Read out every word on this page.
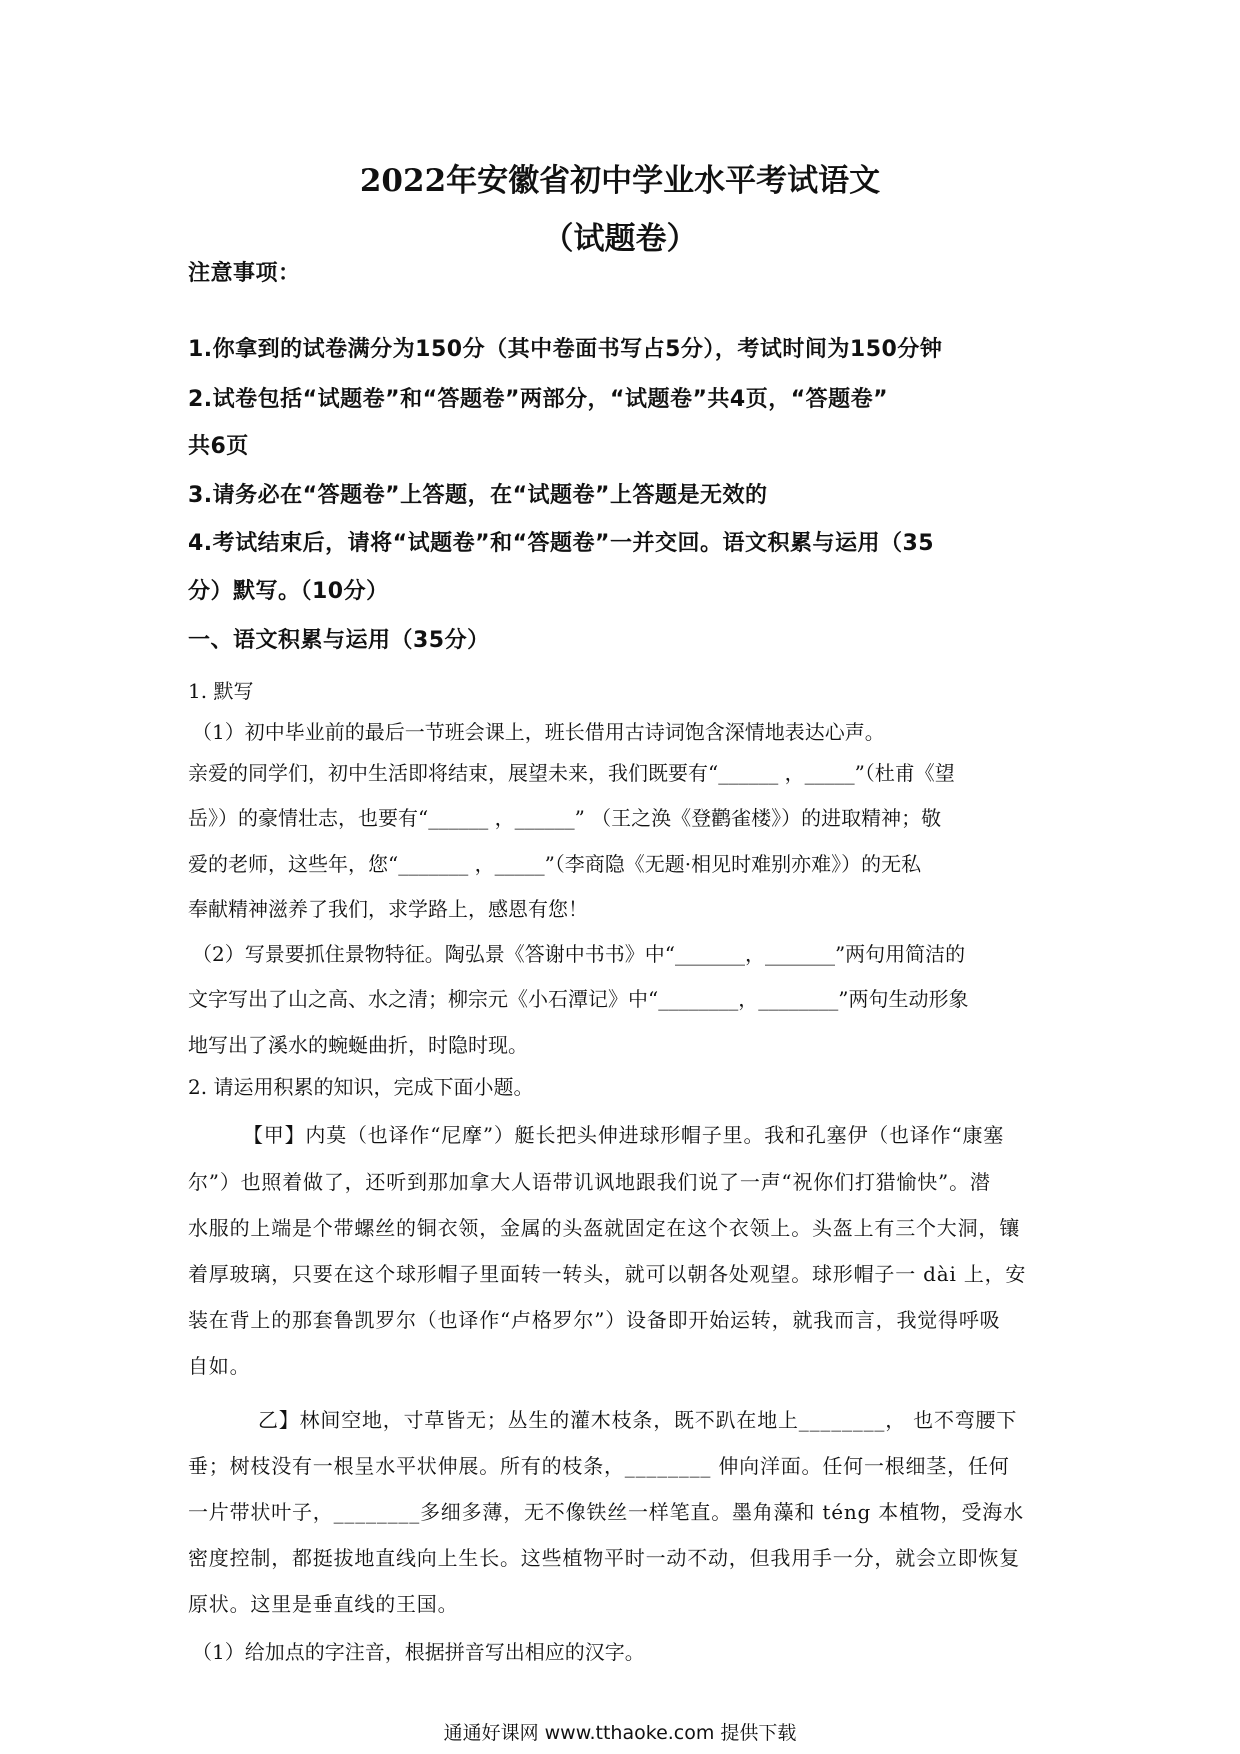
2022年安徽省初中学业水平考试语文
（试题卷）
注意事项：
1.你拿到的试卷满分为150分（其中卷面书写占5分），考试时间为150分钟
2.试卷包括“试题卷”和“答题卷”两部分，“试题卷”共4页，“答题卷”
共6页
3.请务必在“答题卷”上答题，在“试题卷”上答题是无效的
4.考试结束后，请将“试题卷”和“答题卷”一并交回。语文积累与运用（35
分）默写。（10分）
一、语文积累与运用（35分）
1. 默写
（1）初中毕业前的最后一节班会课上，班长借用古诗词饱含深情地表达心声。
亲爱的同学们，初中生活即将结束，展望未来，我们既要有“______ ，_____”（杜甫《望
岳》）的豪情壮志，也要有“______ ，______” （王之涣《登鹳雀楼》）的进取精神；敬
爱的老师，这些年，您“_______ ，_____”（李商隐《无题·相见时难别亦难》）的无私
奉献精神滋养了我们，求学路上，感恩有您！
（2）写景要抓住景物特征。陶弘景《答谢中书书》中“_______，_______”两句用简洁的
文字写出了山之高、水之清；柳宗元《小石潭记》中“________，________”两句生动形象
地写出了溪水的蜿蜒曲折，时隐时现。
2. 请运用积累的知识，完成下面小题。
【甲】内莫（也译作“尼摩”）艇长把头伸进球形帽子里。我和孔塞伊（也译作“康塞
尔”）也照着做了，还听到那加拿大人语带讥讽地跟我们说了一声“祝你们打猎愉快”。潜
水服的上端是个带螺丝的铜衣领，金属的头盔就固定在这个衣领上。头盔上有三个大洞，镶
着厚玻璃，只要在这个球形帽子里面转一转头，就可以朝各处观望。球形帽子一 dài 上，安
装在背上的那套鲁凯罗尔（也译作“卢格罗尔”）设备即开始运转，就我而言，我觉得呼吸
自如。
乙】林间空地，寸草皆无；丛生的灌木枝条，既不趴在地上________， 也不弯腰下
垂；树枝没有一根呈水平状伸展。所有的枝条，________ 伸向洋面。任何一根细茎，任何
一片带状叶子，________多细多薄，无不像铁丝一样笔直。墨角藻和 téng 本植物，受海水
密度控制，都挺拔地直线向上生长。这些植物平时一动不动，但我用手一分，就会立即恢复
原状。这里是垂直线的王国。
（1）给加点的字注音，根据拼音写出相应的汉字。
通通好课网 www.tthaoke.com 提供下载
